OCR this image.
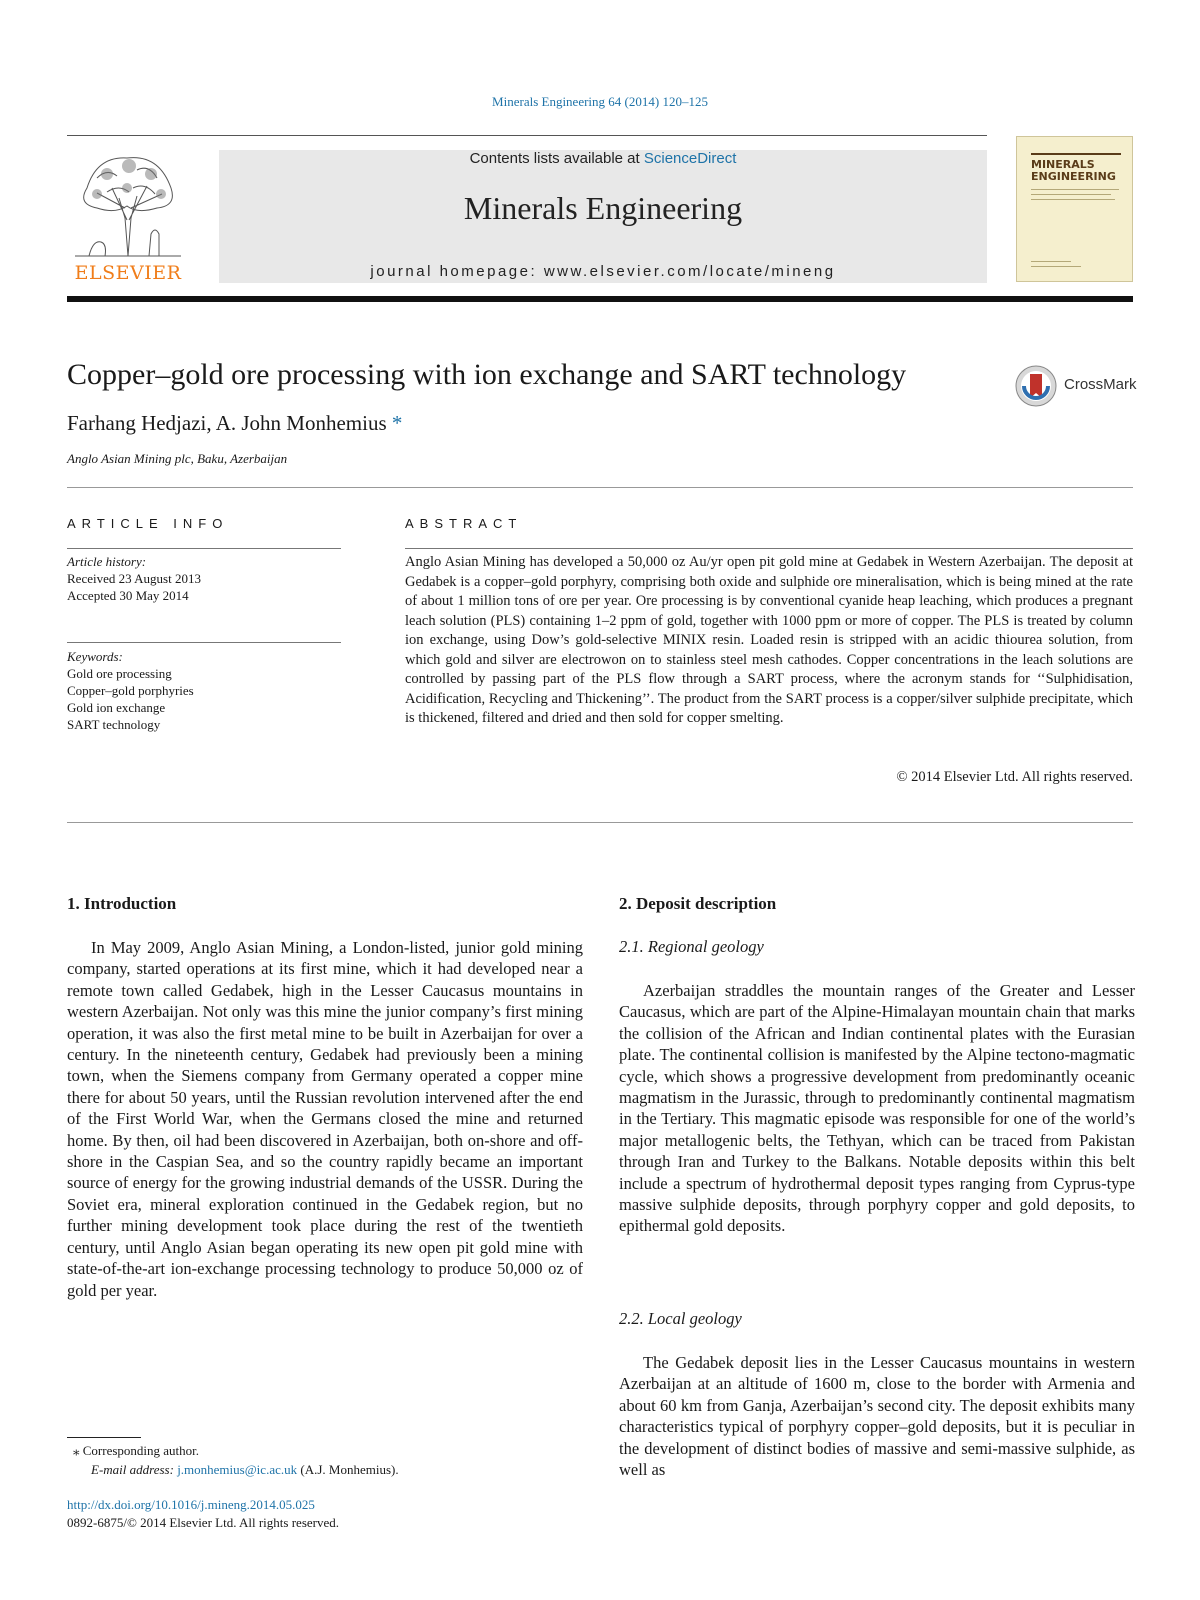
Minerals Engineering 64 (2014) 120–125
ELSEVIER
Contents lists available at ScienceDirect
Minerals Engineering
journal homepage: www.elsevier.com/locate/mineng
MINERALS
ENGINEERING
Copper–gold ore processing with ion exchange and SART technology	CrossMark
Farhang Hedjazi, A. John Monhemius *
Anglo Asian Mining plc, Baku, Azerbaijan
ARTICLE INFO	ABSTRACT
Article history:
Received 23 August 2013
Accepted 30 May 2014
Keywords:
Gold ore processing
Copper–gold porphyries
Gold ion exchange
SART technology
Anglo Asian Mining has developed a 50,000 oz Au/yr open pit gold mine at Gedabek in Western Azerbaijan. The deposit at Gedabek is a copper–gold porphyry, comprising both oxide and sulphide ore mineralisation, which is being mined at the rate of about 1 million tons of ore per year. Ore processing is by conventional cyanide heap leaching, which produces a pregnant leach solution (PLS) containing 1–2 ppm of gold, together with 1000 ppm or more of copper. The PLS is treated by column ion exchange, using Dow’s gold-selective MINIX resin. Loaded resin is stripped with an acidic thiourea solution, from which gold and silver are electrowon on to stainless steel mesh cathodes. Copper concentrations in the leach solutions are controlled by passing part of the PLS flow through a SART process, where the acronym stands for ‘‘Sulphidisation, Acidification, Recycling and Thickening’’. The product from the SART process is a copper/silver sulphide precipitate, which is thickened, filtered and dried and then sold for copper smelting.
© 2014 Elsevier Ltd. All rights reserved.
1. Introduction

In May 2009, Anglo Asian Mining, a London-listed, junior gold mining company, started operations at its first mine, which it had developed near a remote town called Gedabek, high in the Lesser Caucasus mountains in western Azerbaijan. Not only was this mine the junior company’s first mining operation, it was also the first metal mine to be built in Azerbaijan for over a century. In the nineteenth century, Gedabek had previously been a mining town, when the Siemens company from Germany operated a copper mine there for about 50 years, until the Russian revolution intervened after the end of the First World War, when the Germans closed the mine and returned home. By then, oil had been discovered in Azerbaijan, both on-shore and off-shore in the Caspian Sea, and so the country rapidly became an important source of energy for the growing industrial demands of the USSR. During the Soviet era, mineral exploration continued in the Gedabek region, but no further mining development took place during the rest of the twentieth century, until Anglo Asian began operating its new open pit gold mine with state-of-the-art ion-exchange processing technology to produce 50,000 oz of gold per year.

2. Deposit description
2.1. Regional geology

Azerbaijan straddles the mountain ranges of the Greater and Lesser Caucasus, which are part of the Alpine-Himalayan mountain chain that marks the collision of the African and Indian continental plates with the Eurasian plate. The continental collision is manifested by the Alpine tectono-magmatic cycle, which shows a progressive development from predominantly oceanic magmatism in the Jurassic, through to predominantly continental magmatism in the Tertiary. This magmatic episode was responsible for one of the world’s major metallogenic belts, the Tethyan, which can be traced from Pakistan through Iran and Turkey to the Balkans. Notable deposits within this belt include a spectrum of hydrothermal deposit types ranging from Cyprus-type massive sulphide deposits, through porphyry copper and gold deposits, to epithermal gold deposits.

2.2. Local geology

The Gedabek deposit lies in the Lesser Caucasus mountains in western Azerbaijan at an altitude of 1600 m, close to the border with Armenia and about 60 km from Ganja, Azerbaijan’s second city. The deposit exhibits many characteristics typical of porphyry copper–gold deposits, but it is peculiar in the development of distinct bodies of massive and semi-massive sulphide, as well as

⁎ Corresponding author.
E-mail address: j.monhemius@ic.ac.uk (A.J. Monhemius).
http://dx.doi.org/10.1016/j.mineng.2014.05.025
0892-6875/© 2014 Elsevier Ltd. All rights reserved.
